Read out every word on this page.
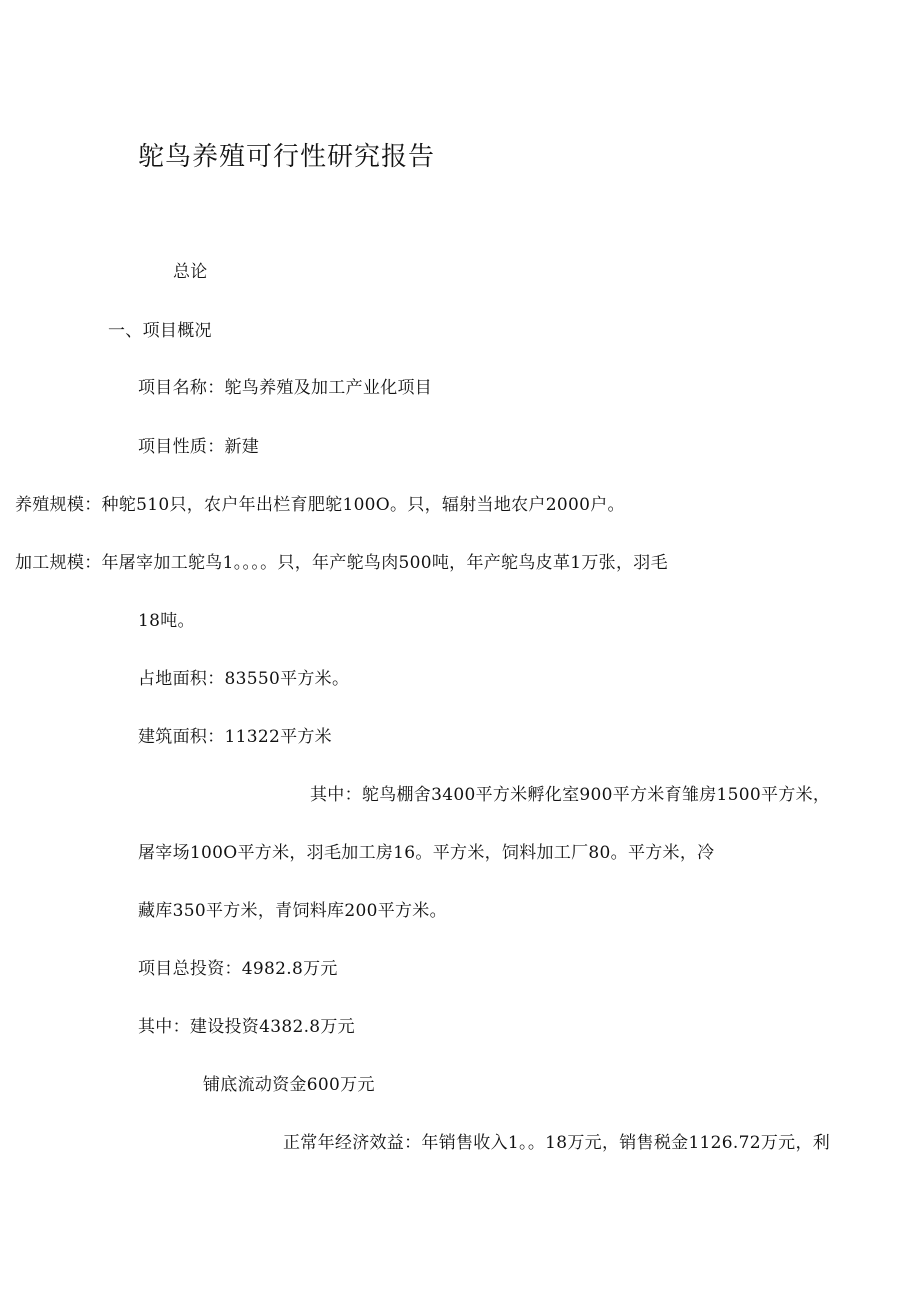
鸵鸟养殖可行性研究报告
总论
一、项目概况
项目名称：鸵鸟养殖及加工产业化项目
项目性质：新建
养殖规模：种鸵510只，农户年出栏育肥鸵100O。只，辐射当地农户2000户。
加工规模：年屠宰加工鸵鸟1。。。。只，年产鸵鸟肉500吨，年产鸵鸟皮革1万张，羽毛
18吨。
占地面积：83550平方米。
建筑面积：11322平方米
其中：鸵鸟棚舍3400平方米孵化室900平方米育雏房1500平方米，
屠宰场100O平方米，羽毛加工房16。平方米，饲料加工厂80。平方米，冷
藏库350平方米，青饲料库200平方米。
项目总投资：4982.8万元
其中：建设投资4382.8万元
铺底流动资金600万元
正常年经济效益：年销售收入1。。18万元，销售税金1126.72万元，利
